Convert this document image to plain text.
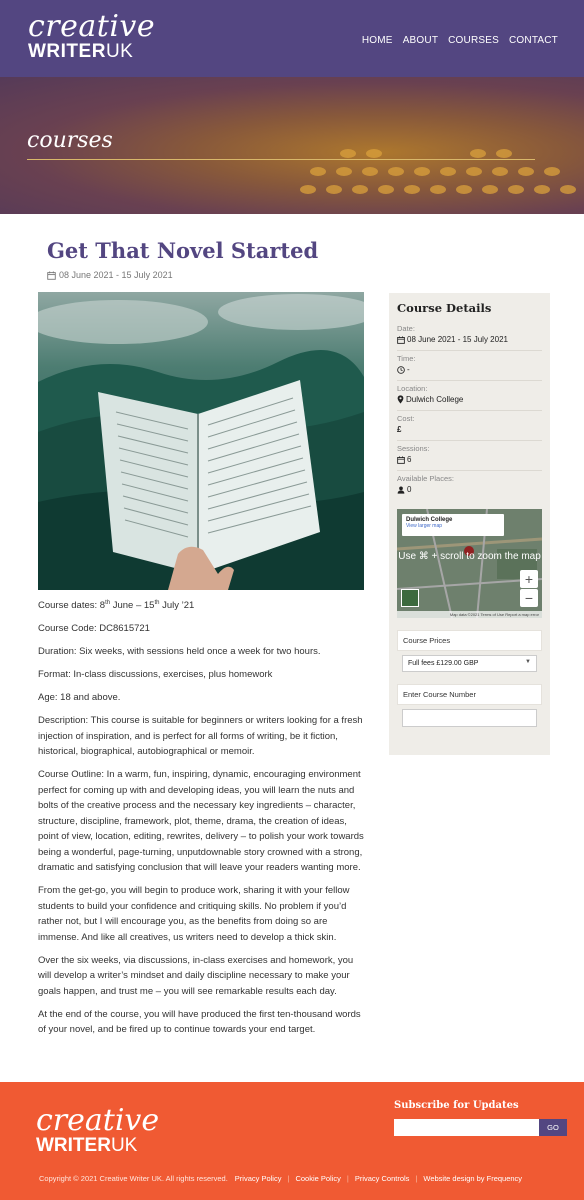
creative
WRITERUK
HOME ABOUT COURSES CONTACT
courses
Get That Novel Started
08 June 2021 - 15 July 2021

Course dates: 8th June – 15th July ’21

Course Code: DC8615721

Duration: Six weeks, with sessions held once a week for two hours.

Format: In-class discussions, exercises, plus homework

Age: 18 and above.

Description: This course is suitable for beginners or writers looking for a fresh injection of inspiration, and is perfect for all forms of writing, be it fiction, historical, biographical, autobiographical or memoir.

Course Outline: In a warm, fun, inspiring, dynamic, encouraging environment perfect for coming up with and developing ideas, you will learn the nuts and bolts of the creative process and the necessary key ingredients – character, structure, discipline, framework, plot, theme, drama, the creation of ideas, point of view, location, editing, rewrites, delivery – to polish your work towards being a wonderful, page-turning, unputdownable story crowned with a strong, dramatic and satisfying conclusion that will leave your readers wanting more.

From the get-go, you will begin to produce work, sharing it with your fellow students to build your confidence and critiquing skills. No problem if you’d rather not, but I will encourage you, as the benefits from doing so are immense. And like all creatives, us writers need to develop a thick skin.

Over the six weeks, via discussions, in-class exercises and homework, you will develop a writer’s mindset and daily discipline necessary to make your goals happen, and trust me – you will see remarkable results each day.

At the end of the course, you will have produced the first ten-thousand words of your novel, and be fired up to continue towards your end target.

Course Details
Date:
08 June 2021 - 15 July 2021
Time:
-
Location:
Dulwich College
Cost:
£
Sessions:
6
Available Places:
0
Dulwich College
View larger map
Use ⌘ + scroll to zoom the map
+
−
Map data ©2021 Terms of Use Report a map error
Course Prices
Full fees £129.00 GBP	▼
Enter Course Number
creative
WRITERUK
Subscribe for Updates
GO
Copyright © 2021 Creative Writer UK. All rights reserved. Privacy Policy | Cookie Policy | Privacy Controls | Website design by Frequency
